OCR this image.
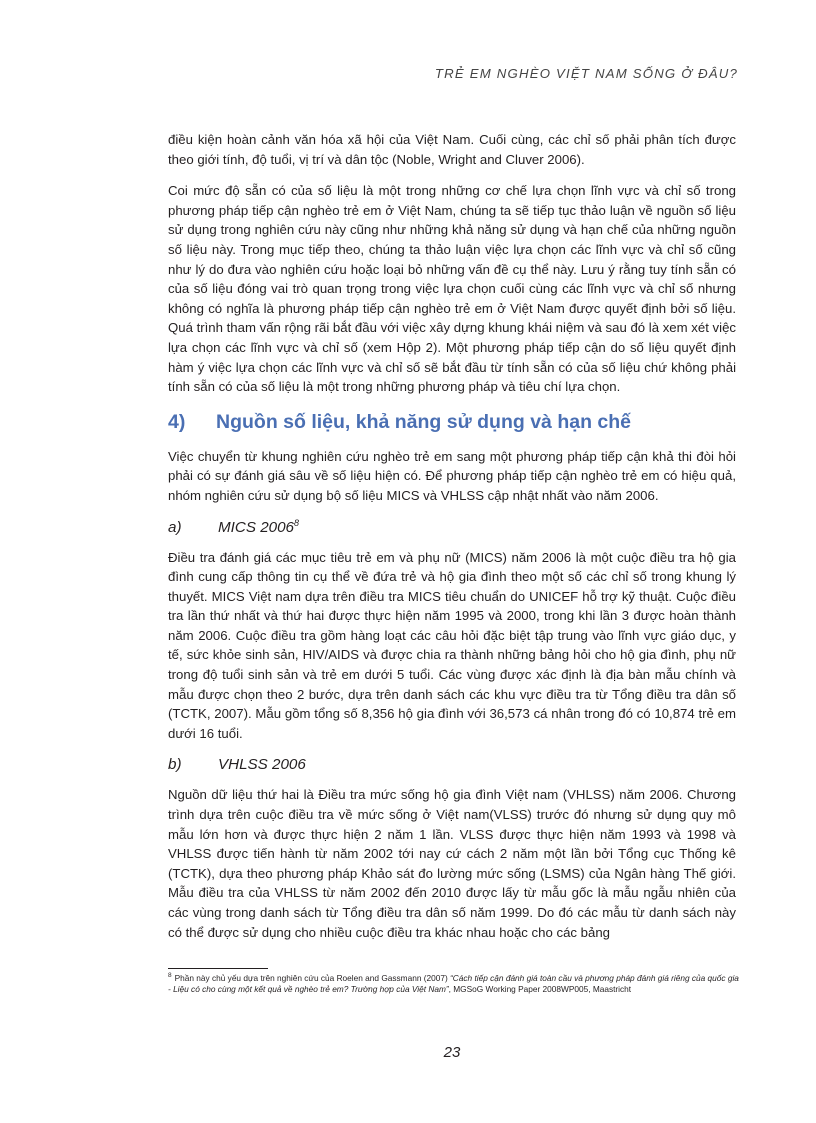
TRẺ EM NGHÈO VIỆT NAM SỐNG Ở ĐÂU?

điều kiện hoàn cảnh văn hóa xã hội của Việt Nam. Cuối cùng, các chỉ số phải phân tích được theo giới tính, độ tuổi, vị trí và dân tộc (Noble, Wright and Cluver 2006).

Coi mức độ sẵn có của số liệu là một trong những cơ chế lựa chọn lĩnh vực và chỉ số trong phương pháp tiếp cận nghèo trẻ em ở Việt Nam, chúng ta sẽ tiếp tục thảo luận về nguồn số liệu sử dụng trong nghiên cứu này cũng như những khả năng sử dụng và hạn chế của những nguồn số liệu này. Trong mục tiếp theo, chúng ta thảo luận việc lựa chọn các lĩnh vực và chỉ số cũng như lý do đưa vào nghiên cứu hoặc loại bỏ những vấn đề cụ thể này. Lưu ý rằng tuy tính sẵn có của số liệu đóng vai trò quan trọng trong việc lựa chọn cuối cùng các lĩnh vực và chỉ số nhưng không có nghĩa là phương pháp tiếp cận nghèo trẻ em ở Việt Nam được quyết định bởi số liệu. Quá trình tham vấn rộng rãi bắt đầu với việc xây dựng khung khái niệm và sau đó là xem xét việc lựa chọn các lĩnh vực và chỉ số (xem Hộp 2). Một phương pháp tiếp cận do số liệu quyết định hàm ý việc lựa chọn các lĩnh vực và chỉ số sẽ bắt đầu từ tính sẵn có của số liệu chứ không phải tính sẵn có của số liệu là một trong những phương pháp và tiêu chí lựa chọn.

4)	Nguồn số liệu, khả năng sử dụng và hạn chế

Việc chuyển từ khung nghiên cứu nghèo trẻ em sang một phương pháp tiếp cận khả thi đòi hỏi phải có sự đánh giá sâu về số liệu hiện có. Để phương pháp tiếp cận nghèo trẻ em có hiệu quả, nhóm nghiên cứu sử dụng bộ số liệu MICS và VHLSS cập nhật nhất vào năm 2006.

a)	MICS 2006$^8$

Điều tra đánh giá các mục tiêu trẻ em và phụ nữ (MICS) năm 2006 là một cuộc điều tra hộ gia đình cung cấp thông tin cụ thể về đứa trẻ và hộ gia đình theo một số các chỉ số trong khung lý thuyết. MICS Việt nam dựa trên điều tra MICS tiêu chuẩn do UNICEF hỗ trợ kỹ thuật. Cuộc điều tra lần thứ nhất và thứ hai được thực hiện năm 1995 và 2000, trong khi lần 3 được hoàn thành năm 2006. Cuộc điều tra gồm hàng loạt các câu hỏi đặc biệt tập trung vào lĩnh vực giáo dục, y tế, sức khỏe sinh sản, HIV/AIDS và được chia ra thành những bảng hỏi cho hộ gia đình, phụ nữ trong độ tuổi sinh sản và trẻ em dưới 5 tuổi. Các vùng được xác định là địa bàn mẫu chính và mẫu được chọn theo 2 bước, dựa trên danh sách các khu vực điều tra từ Tổng điều tra dân số (TCTK, 2007). Mẫu gồm tổng số 8,356 hộ gia đình với 36,573 cá nhân trong đó có 10,874 trẻ em dưới 16 tuổi.

b)	VHLSS 2006

Nguồn dữ liệu thứ hai là Điều tra mức sống hộ gia đình Việt nam (VHLSS) năm 2006. Chương trình dựa trên cuộc điều tra về mức sống ở Việt nam(VLSS) trước đó nhưng sử dụng quy mô mẫu lớn hơn và được thực hiện 2 năm 1 lần. VLSS được thực hiện năm 1993 và 1998 và VHLSS được tiến hành từ năm 2002 tới nay cứ cách 2 năm một lần bởi Tổng cục Thống kê (TCTK), dựa theo phương pháp Khảo sát đo lường mức sống (LSMS) của Ngân hàng Thế giới. Mẫu điều tra của VHLSS từ năm 2002 đến 2010 được lấy từ mẫu gốc là mẫu ngẫu nhiên của các vùng trong danh sách từ Tổng điều tra dân số năm 1999. Do đó các mẫu từ danh sách này có thể được sử dụng cho nhiều cuộc điều tra khác nhau hoặc cho các bảng

$^8$ Phần này chủ yếu dựa trên nghiên cứu của Roelen and Gassmann (2007) “Cách tiếp cận đánh giá toàn cầu và phương pháp đánh giá riêng của quốc gia - Liệu có cho cùng một kết quả về nghèo trẻ em? Trường hợp của Việt Nam”, MGSoG Working Paper 2008WP005, Maastricht
23
